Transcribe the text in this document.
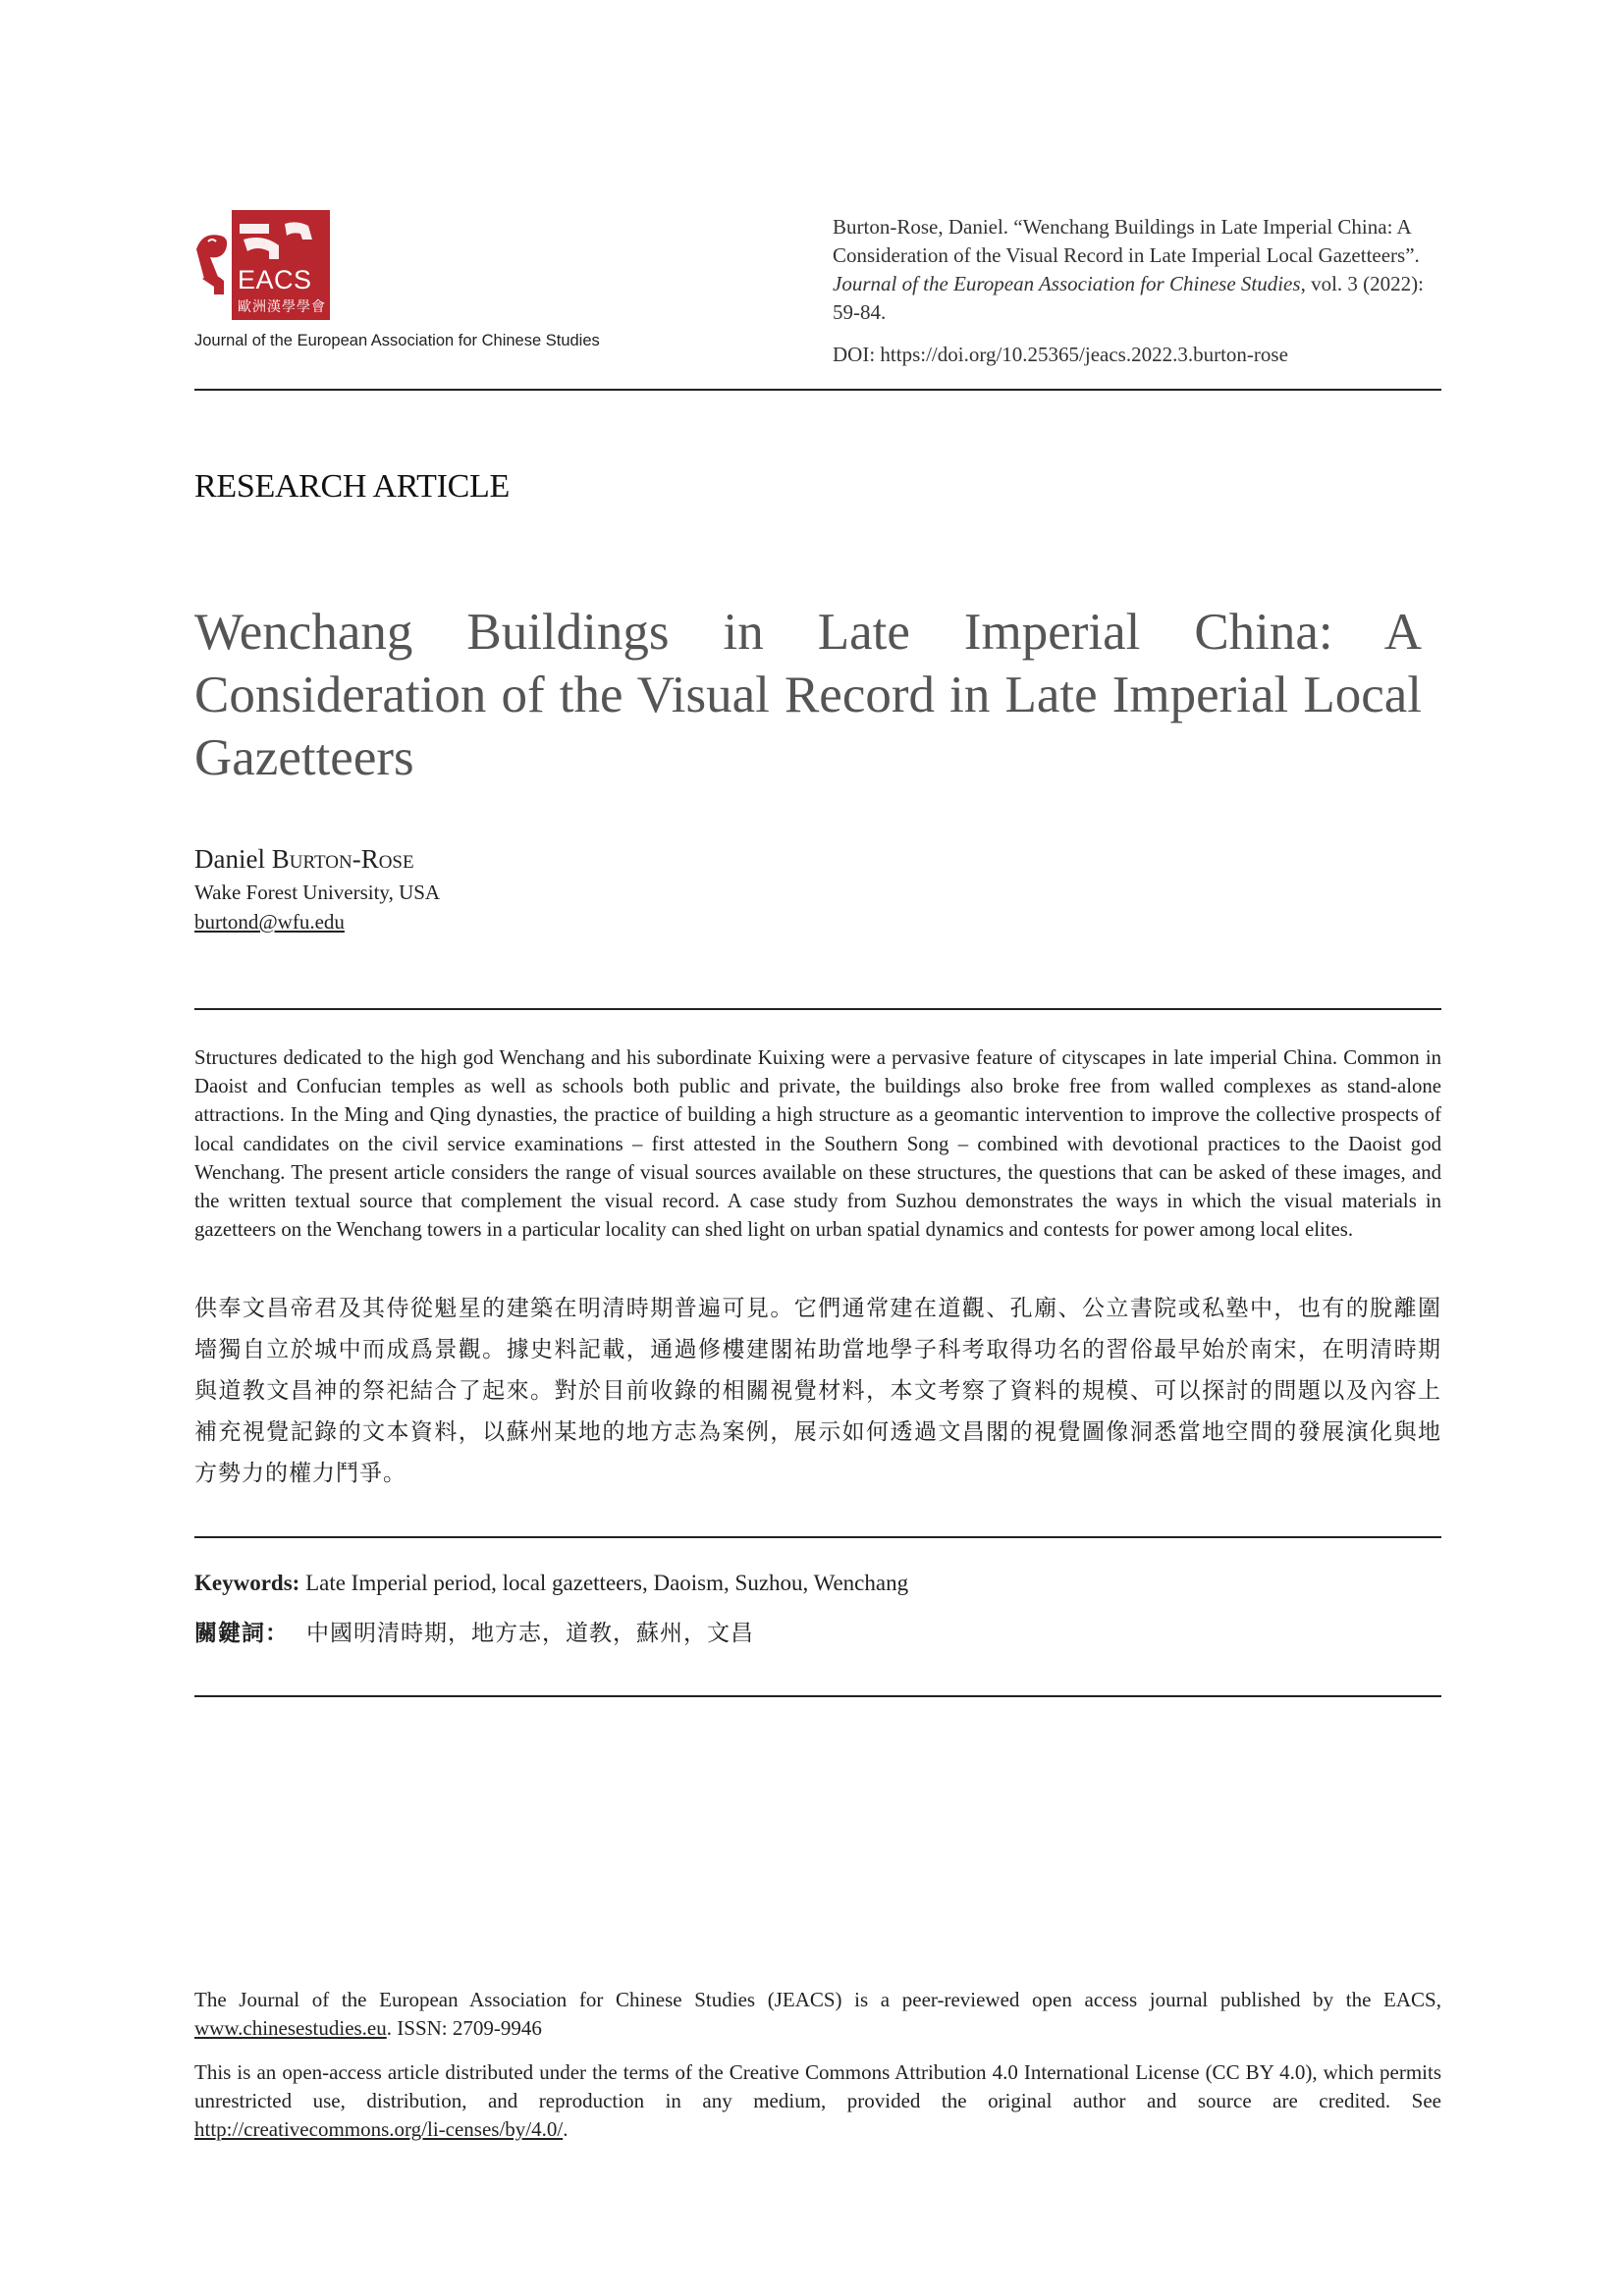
EACS
歐洲漢學學會
Journal of the European Association for Chinese Studies
Burton-Rose, Daniel. “Wenchang Buildings in Late Imperial China: A Consideration of the Visual Record in Late Imperial Local Gazetteers”. Journal of the European Association for Chinese Studies, vol. 3 (2022): 59-84.
DOI: https://doi.org/10.25365/jeacs.2022.3.burton-rose
RESEARCH ARTICLE
Wenchang Buildings in Late Imperial China: A Consideration of the Visual Record in Late Imperial Local Gazetteers
Daniel Burton-Rose
Wake Forest University, USA
burtond@wfu.edu
Structures dedicated to the high god Wenchang and his subordinate Kuixing were a pervasive feature of cityscapes in late imperial China. Common in Daoist and Confucian temples as well as schools both public and private, the buildings also broke free from walled complexes as stand-alone attractions. In the Ming and Qing dynasties, the practice of building a high structure as a geomantic intervention to improve the collective prospects of local candidates on the civil service examinations – first attested in the Southern Song – combined with devotional practices to the Daoist god Wenchang. The present article considers the range of visual sources available on these structures, the questions that can be asked of these images, and the written textual source that complement the visual record. A case study from Suzhou demonstrates the ways in which the visual materials in gazetteers on the Wenchang towers in a particular locality can shed light on urban spatial dynamics and contests for power among local elites.
供奉文昌帝君及其侍從魁星的建築在明清時期普遍可見。它們通常建在道觀、孔廟、公立書院或私塾中，也有的脫離圍墻獨自立於城中而成爲景觀。據史料記載，通過修樓建閣祐助當地學子科考取得功名的習俗最早始於南宋，在明清時期與道教文昌神的祭祀結合了起來。對於目前收錄的相關視覺材料，本文考察了資料的規模、可以探討的問題以及內容上補充視覺記錄的文本資料，以蘇州某地的地方志為案例，展示如何透過文昌閣的視覺圖像洞悉當地空間的發展演化與地方勢力的權力鬥爭。
Keywords: Late Imperial period, local gazetteers, Daoism, Suzhou, Wenchang
關鍵詞： 中國明清時期，地方志，道教，蘇州，文昌
The Journal of the European Association for Chinese Studies (JEACS) is a peer-reviewed open access journal published by the EACS, www.chinesestudies.eu. ISSN: 2709-9946
This is an open-access article distributed under the terms of the Creative Commons Attribution 4.0 International License (CC BY 4.0), which permits unrestricted use, distribution, and reproduction in any medium, provided the original author and source are credited. See http://creativecommons.org/li-censes/by/4.0/.
